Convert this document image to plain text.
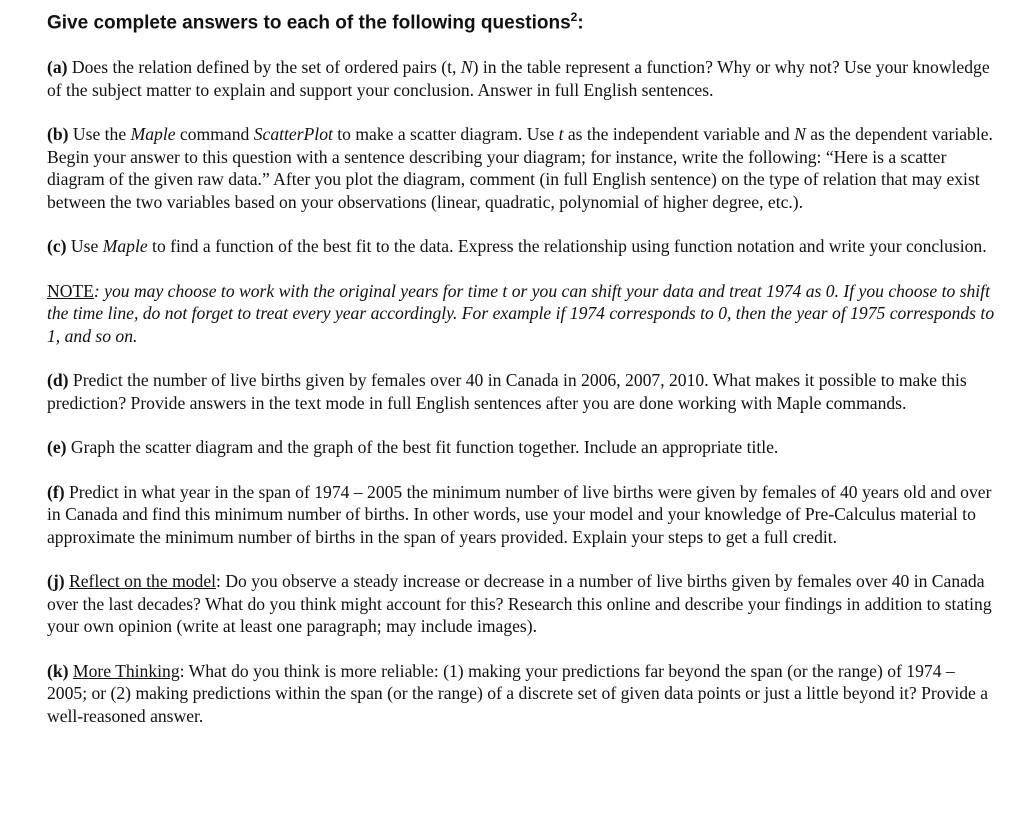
Give complete answers to each of the following questions$^2$:

(a) Does the relation defined by the set of ordered pairs (t, N) in the table represent a function? Why or why not? Use your knowledge of the subject matter to explain and support your conclusion. Answer in full English sentences.

(b) Use the Maple command ScatterPlot to make a scatter diagram. Use t as the independent variable and N as the dependent variable. Begin your answer to this question with a sentence describing your diagram; for instance, write the following: “Here is a scatter diagram of the given raw data.” After you plot the diagram, comment (in full English sentence) on the type of relation that may exist between the two variables based on your observations (linear, quadratic, polynomial of higher degree, etc.).

(c) Use Maple to find a function of the best fit to the data. Express the relationship using function notation and write your conclusion.

NOTE: you may choose to work with the original years for time t or you can shift your data and treat 1974 as 0. If you choose to shift the time line, do not forget to treat every year accordingly. For example if 1974 corresponds to 0, then the year of 1975 corresponds to 1, and so on.

(d) Predict the number of live births given by females over 40 in Canada in 2006, 2007, 2010. What makes it possible to make this prediction? Provide answers in the text mode in full English sentences after you are done working with Maple commands.

(e) Graph the scatter diagram and the graph of the best fit function together. Include an appropriate title.

(f) Predict in what year in the span of 1974 – 2005 the minimum number of live births were given by females of 40 years old and over in Canada and find this minimum number of births. In other words, use your model and your knowledge of Pre-Calculus material to approximate the minimum number of births in the span of years provided. Explain your steps to get a full credit.

(j) Reflect on the model: Do you observe a steady increase or decrease in a number of live births given by females over 40 in Canada over the last decades? What do you think might account for this? Research this online and describe your findings in addition to stating your own opinion (write at least one paragraph; may include images).

(k) More Thinking: What do you think is more reliable: (1) making your predictions far beyond the span (or the range) of 1974 – 2005; or (2) making predictions within the span (or the range) of a discrete set of given data points or just a little beyond it? Provide a well-reasoned answer.
